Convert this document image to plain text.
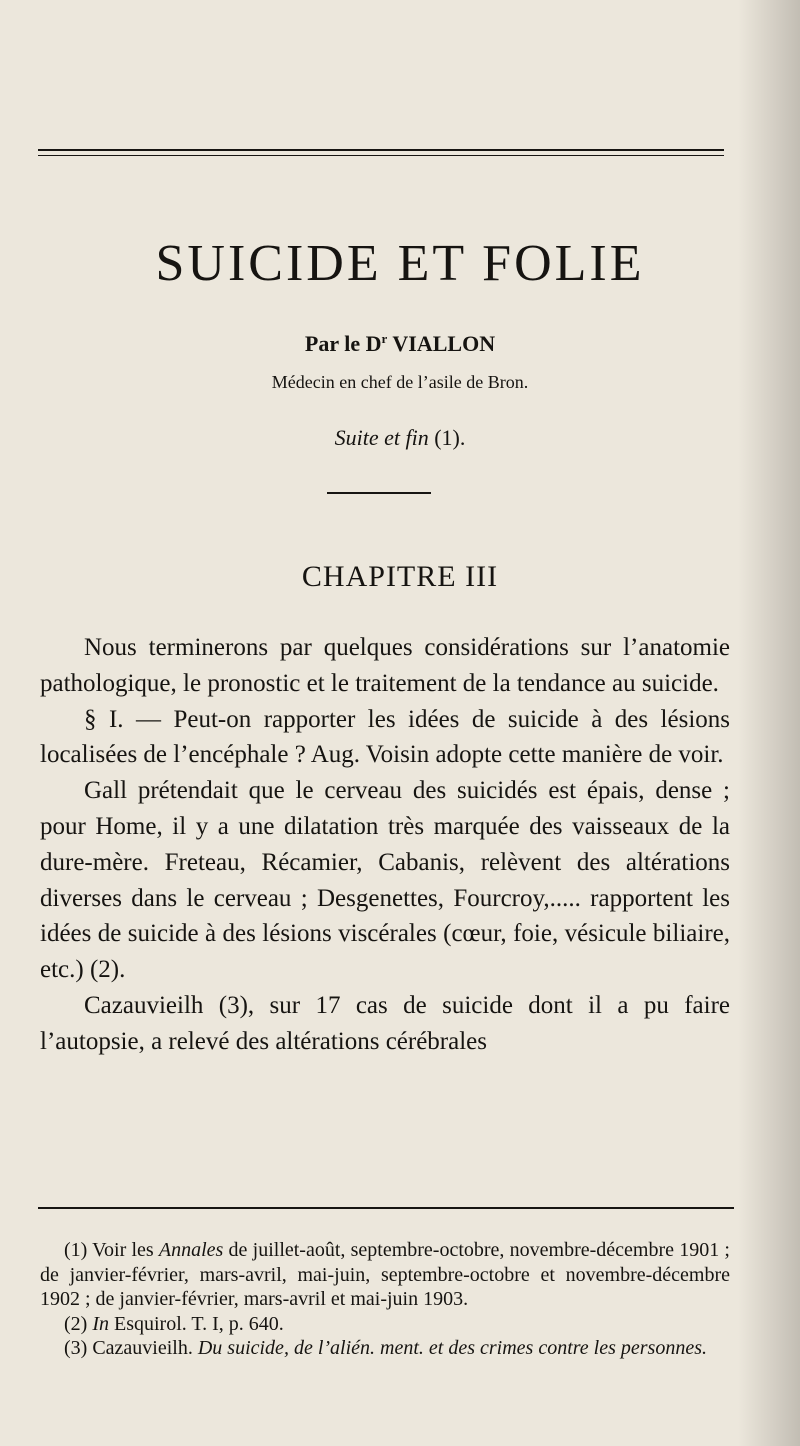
SUICIDE ET FOLIE
Par le $D^r$ VIALLON
Médecin en chef de l’asile de Bron.
Suite et fin (1).
CHAPITRE III

Nous terminerons par quelques considérations sur l’anatomie pathologique, le pronostic et le traitement de la tendance au suicide.

§ I. — Peut-on rapporter les idées de suicide à des lésions localisées de l’encéphale ? Aug. Voisin adopte cette manière de voir.

Gall prétendait que le cerveau des suicidés est épais, dense ; pour Home, il y a une dilatation très marquée des vaisseaux de la dure-mère. Freteau, Récamier, Cabanis, relèvent des altérations diverses dans le cerveau ; Desgenettes, Fourcroy,..... rapportent les idées de suicide à des lésions viscérales (cœur, foie, vésicule biliaire, etc.) (2).

Cazauvieilh (3), sur 17 cas de suicide dont il a pu faire l’autopsie, a relevé des altérations cérébrales

(1) Voir les Annales de juillet-août, septembre-octobre, novembre-décembre 1901 ; de janvier-février, mars-avril, mai-juin, septembre-octobre et novembre-décembre 1902 ; de janvier-février, mars-avril et mai-juin 1903.

(2) In Esquirol. T. I, p. 640.

(3) Cazauvieilh. Du suicide, de l’alién. ment. et des crimes contre les personnes.
